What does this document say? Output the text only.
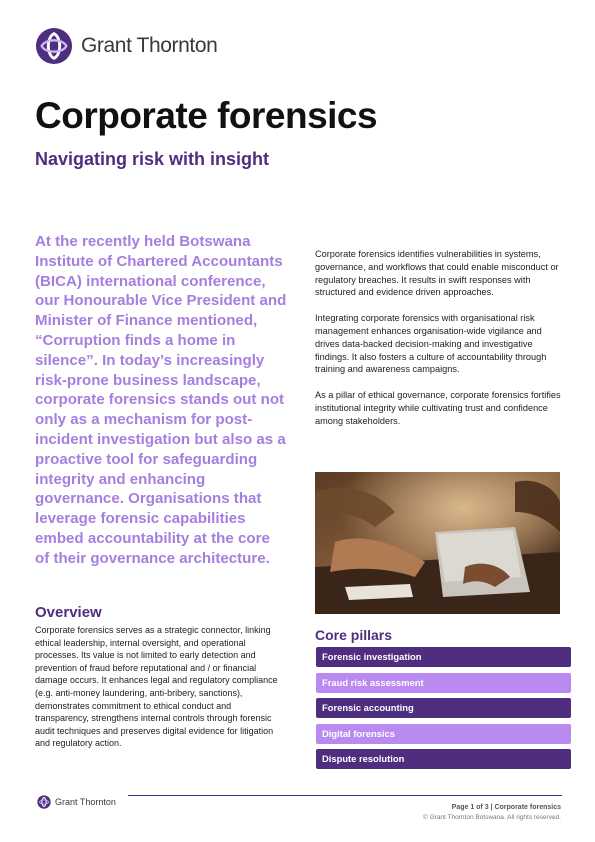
Grant Thornton
Corporate forensics
Navigating risk with insight

At the recently held Botswana Institute of Chartered Accountants (BICA) international conference, our Honourable Vice President and Minister of Finance mentioned, “Corruption finds a home in silence”. In today’s increasingly risk-prone business landscape, corporate forensics stands out not only as a mechanism for post-incident investigation but also as a proactive tool for safeguarding integrity and enhancing governance. Organisations that leverage forensic capabilities embed accountability at the core of their governance architecture.

Overview

Corporate forensics serves as a strategic connector, linking ethical leadership, internal oversight, and operational processes. Its value is not limited to early detection and prevention of fraud before reputational and / or financial damage occurs. It enhances legal and regulatory compliance (e.g. anti-money laundering, anti-bribery, sanctions), demonstrates commitment to ethical conduct and transparency, strengthens internal controls through forensic audit techniques and preserves digital evidence for litigation and regulatory action.

Corporate forensics identifies vulnerabilities in systems, governance, and workflows that could enable misconduct or regulatory breaches. It results in swift responses with structured and evidence driven approaches.

Integrating corporate forensics with organisational risk management enhances organisation-wide vigilance and drives data-backed decision-making and investigative findings. It also fosters a culture of accountability through training and awareness campaigns.

As a pillar of ethical governance, corporate forensics fortifies institutional integrity while cultivating trust and confidence among stakeholders.

Core pillars
Forensic investigation
Fraud risk assessment
Forensic accounting
Digital forensics
Dispute resolution
Grant Thornton
Page 1 of 3 | Corporate forensics
© Grant Thornton Botswana. All rights reserved.
